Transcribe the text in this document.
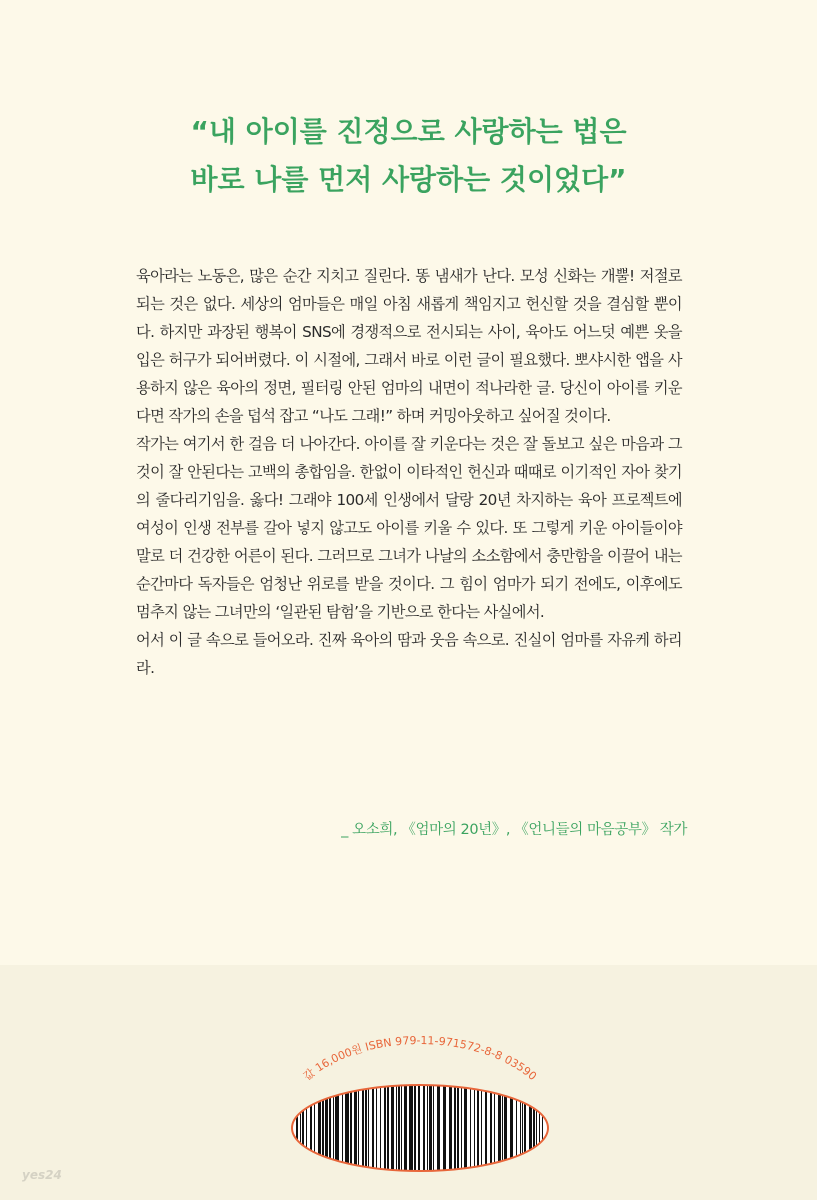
“내 아이를 진정으로 사랑하는 법은
바로 나를 먼저 사랑하는 것이었다”

육아라는 노동은, 많은 순간 지치고 질린다. 똥 냄새가 난다. 모성 신화는 개뿔! 저절로 되는 것은 없다. 세상의 엄마들은 매일 아침 새롭게 책임지고 헌신할 것을 결심할 뿐이다. 하지만 과장된 행복이 SNS에 경쟁적으로 전시되는 사이, 육아도 어느덧 예쁜 옷을 입은 허구가 되어버렸다. 이 시절에, 그래서 바로 이런 글이 필요했다. 뽀샤시한 앱을 사용하지 않은 육아의 정면, 필터링 안된 엄마의 내면이 적나라한 글. 당신이 아이를 키운다면 작가의 손을 덥석 잡고 “나도 그래!” 하며 커밍아웃하고 싶어질 것이다.

작가는 여기서 한 걸음 더 나아간다. 아이를 잘 키운다는 것은 잘 돌보고 싶은 마음과 그것이 잘 안된다는 고백의 총합임을. 한없이 이타적인 헌신과 때때로 이기적인 자아 찾기의 줄다리기임을. 옳다! 그래야 100세 인생에서 달랑 20년 차지하는 육아 프로젝트에 여성이 인생 전부를 갈아 넣지 않고도 아이를 키울 수 있다. 또 그렇게 키운 아이들이야말로 더 건강한 어른이 된다. 그러므로 그녀가 나날의 소소함에서 충만함을 이끌어 내는 순간마다 독자들은 엄청난 위로를 받을 것이다. 그 힘이 엄마가 되기 전에도, 이후에도 멈추지 않는 그녀만의 ‘일관된 탐험’을 기반으로 한다는 사실에서.

어서 이 글 속으로 들어오라. 진짜 육아의 땀과 웃음 속으로. 진실이 엄마를 자유케 하리라.

_ 오소희, 《엄마의 20년》, 《언니들의 마음공부》 작가
값 16,000원 ISBN 979-11-971572-8-8 03590
yes24
